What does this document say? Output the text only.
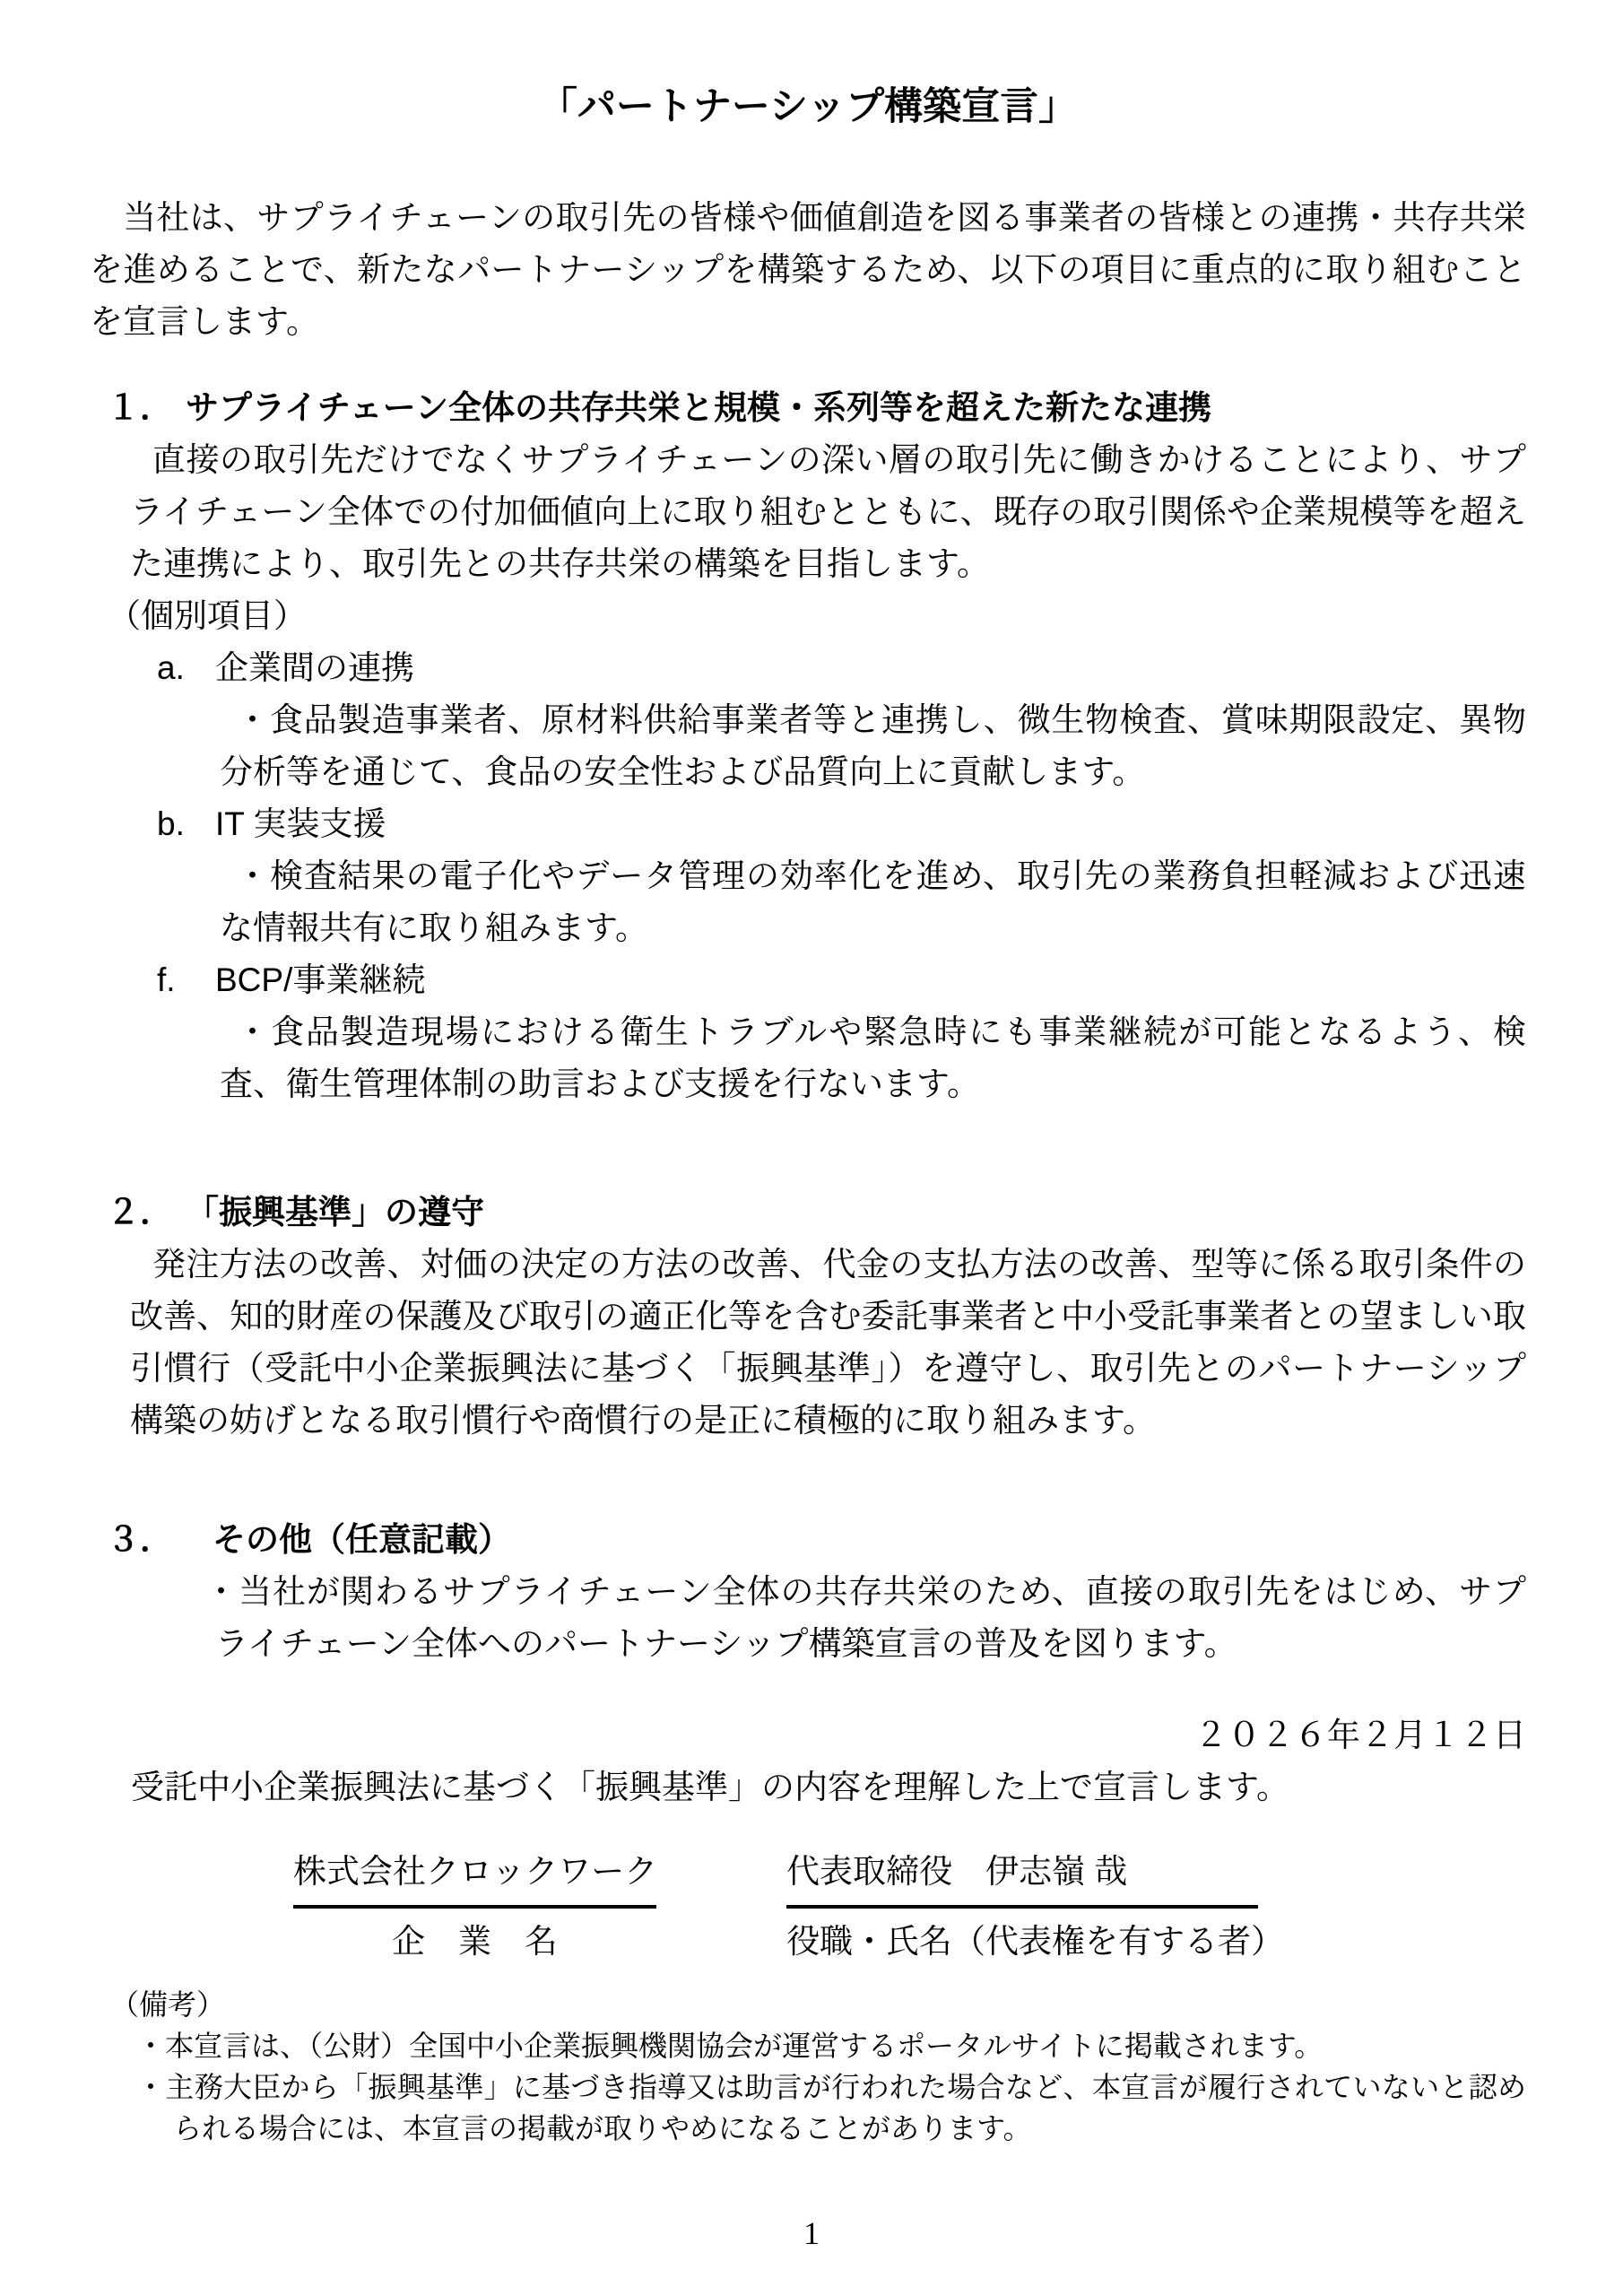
「パートナーシップ構築宣言」

当社は、サプライチェーンの取引先の皆様や価値創造を図る事業者の皆様との連携・共存共栄を進めることで、新たなパートナーシップを構築するため、以下の項目に重点的に取り組むことを宣言します。

１． サプライチェーン全体の共存共栄と規模・系列等を超えた新たな連携

直接の取引先だけでなくサプライチェーンの深い層の取引先に働きかけることにより、サプライチェーン全体での付加価値向上に取り組むとともに、既存の取引関係や企業規模等を超えた連携により、取引先との共存共栄の構築を目指します。

（個別項目）

a. 企業間の連携

・食品製造事業者、原材料供給事業者等と連携し、微生物検査、賞味期限設定、異物分析等を通じて、食品の安全性および品質向上に貢献します。

b. IT 実装支援

・検査結果の電子化やデータ管理の効率化を進め、取引先の業務負担軽減および迅速な情報共有に取り組みます。

f.	BCP/事業継続

・食品製造現場における衛生トラブルや緊急時にも事業継続が可能となるよう、検査、衛生管理体制の助言および支援を行ないます。

２． 「振興基準」の遵守

発注方法の改善、対価の決定の方法の改善、代金の支払方法の改善、型等に係る取引条件の改善、知的財産の保護及び取引の適正化等を含む委託事業者と中小受託事業者との望ましい取引慣行（受託中小企業振興法に基づく「振興基準」）を遵守し、取引先とのパートナーシップ構築の妨げとなる取引慣行や商慣行の是正に積極的に取り組みます。

３． その他（任意記載）

・当社が関わるサプライチェーン全体の共存共栄のため、直接の取引先をはじめ、サプライチェーン全体へのパートナーシップ構築宣言の普及を図ります。

２０２６年２月１２日

受託中小企業振興法に基づく「振興基準」の内容を理解した上で宣言します。

株式会社クロックワーク
企　業　名
代表取締役　伊志嶺 哉
役職・氏名（代表権を有する者）

（備考）

・本宣言は、（公財）全国中小企業振興機関協会が運営するポータルサイトに掲載されます。

・主務大臣から「振興基準」に基づき指導又は助言が行われた場合など、本宣言が履行されていないと認められる場合には、本宣言の掲載が取りやめになることがあります。

1
